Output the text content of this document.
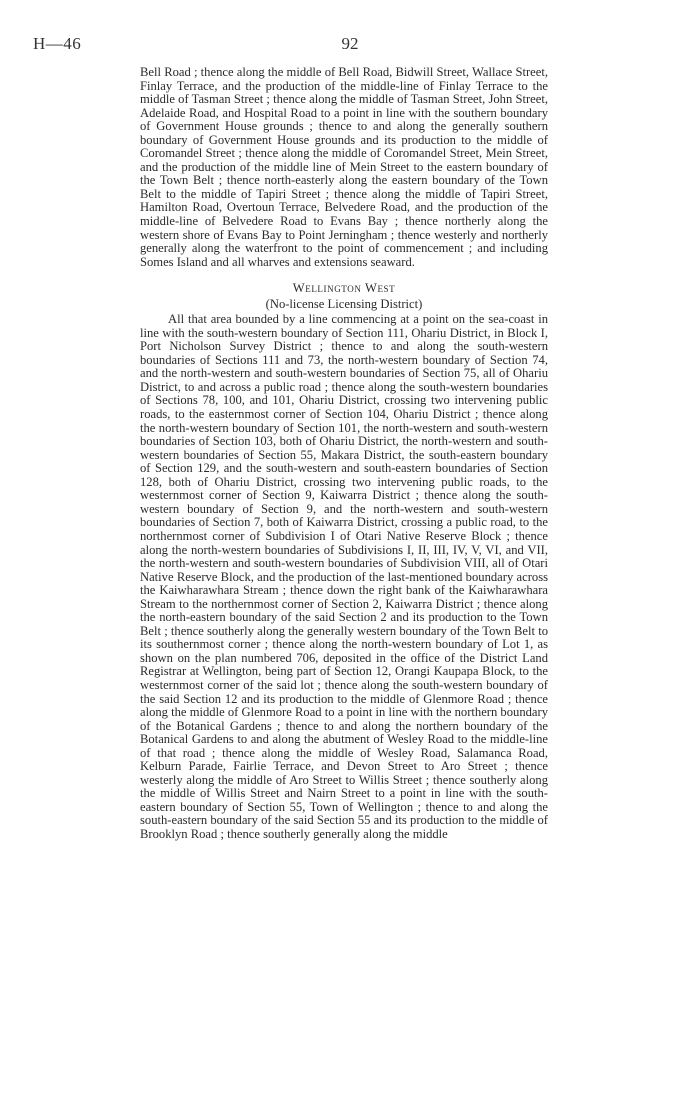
H—46	92

Bell Road ; thence along the middle of Bell Road, Bidwill Street, Wallace Street, Finlay Terrace, and the production of the middle-line of Finlay Terrace to the middle of Tasman Street ; thence along the middle of Tasman Street, John Street, Adelaide Road, and Hospital Road to a point in line with the southern boundary of Government House grounds ; thence to and along the generally southern boundary of Government House grounds and its production to the middle of Coromandel Street ; thence along the middle of Coromandel Street, Mein Street, and the production of the middle line of Mein Street to the eastern boundary of the Town Belt ; thence north-easterly along the eastern boundary of the Town Belt to the middle of Tapiri Street ; thence along the middle of Tapiri Street, Hamilton Road, Overtoun Terrace, Belvedere Road, and the production of the middle-line of Belvedere Road to Evans Bay ; thence northerly along the western shore of Evans Bay to Point Jerningham ; thence westerly and northerly generally along the waterfront to the point of commencement ; and including Somes Island and all wharves and extensions seaward.

Wellington West
(No-license Licensing District)

All that area bounded by a line commencing at a point on the sea-coast in line with the south-western boundary of Section 111, Ohariu District, in Block I, Port Nicholson Survey District ; thence to and along the south-western boundaries of Sections 111 and 73, the north-western boundary of Section 74, and the north-western and south-western boundaries of Section 75, all of Ohariu District, to and across a public road ; thence along the south-western boundaries of Sections 78, 100, and 101, Ohariu District, crossing two intervening public roads, to the easternmost corner of Section 104, Ohariu District ; thence along the north-western boundary of Section 101, the north-western and south-western boundaries of Section 103, both of Ohariu District, the north-western and south-western boundaries of Section 55, Makara District, the south-eastern boundary of Section 129, and the south-western and south-eastern boundaries of Section 128, both of Ohariu District, crossing two intervening public roads, to the westernmost corner of Section 9, Kaiwarra District ; thence along the south-western boundary of Section 9, and the north-western and south-western boundaries of Section 7, both of Kaiwarra District, crossing a public road, to the northernmost corner of Subdivision I of Otari Native Reserve Block ; thence along the north-western boundaries of Subdivisions I, II, III, IV, V, VI, and VII, the north-western and south-western boundaries of Subdivision VIII, all of Otari Native Reserve Block, and the production of the last-mentioned boundary across the Kaiwharawhara Stream ; thence down the right bank of the Kaiwharawhara Stream to the northernmost corner of Section 2, Kaiwarra District ; thence along the north-eastern boundary of the said Section 2 and its production to the Town Belt ; thence southerly along the generally western boundary of the Town Belt to its southernmost corner ; thence along the north-western boundary of Lot 1, as shown on the plan numbered 706, deposited in the office of the District Land Registrar at Wellington, being part of Section 12, Orangi Kaupapa Block, to the westernmost corner of the said lot ; thence along the south-western boundary of the said Section 12 and its production to the middle of Glenmore Road ; thence along the middle of Glenmore Road to a point in line with the northern boundary of the Botanical Gardens ; thence to and along the northern boundary of the Botanical Gardens to and along the abutment of Wesley Road to the middle-line of that road ; thence along the middle of Wesley Road, Salamanca Road, Kelburn Parade, Fairlie Terrace, and Devon Street to Aro Street ; thence westerly along the middle of Aro Street to Willis Street ; thence southerly along the middle of Willis Street and Nairn Street to a point in line with the south-eastern boundary of Section 55, Town of Wellington ; thence to and along the south-eastern boundary of the said Section 55 and its production to the middle of Brooklyn Road ; thence southerly generally along the middle
